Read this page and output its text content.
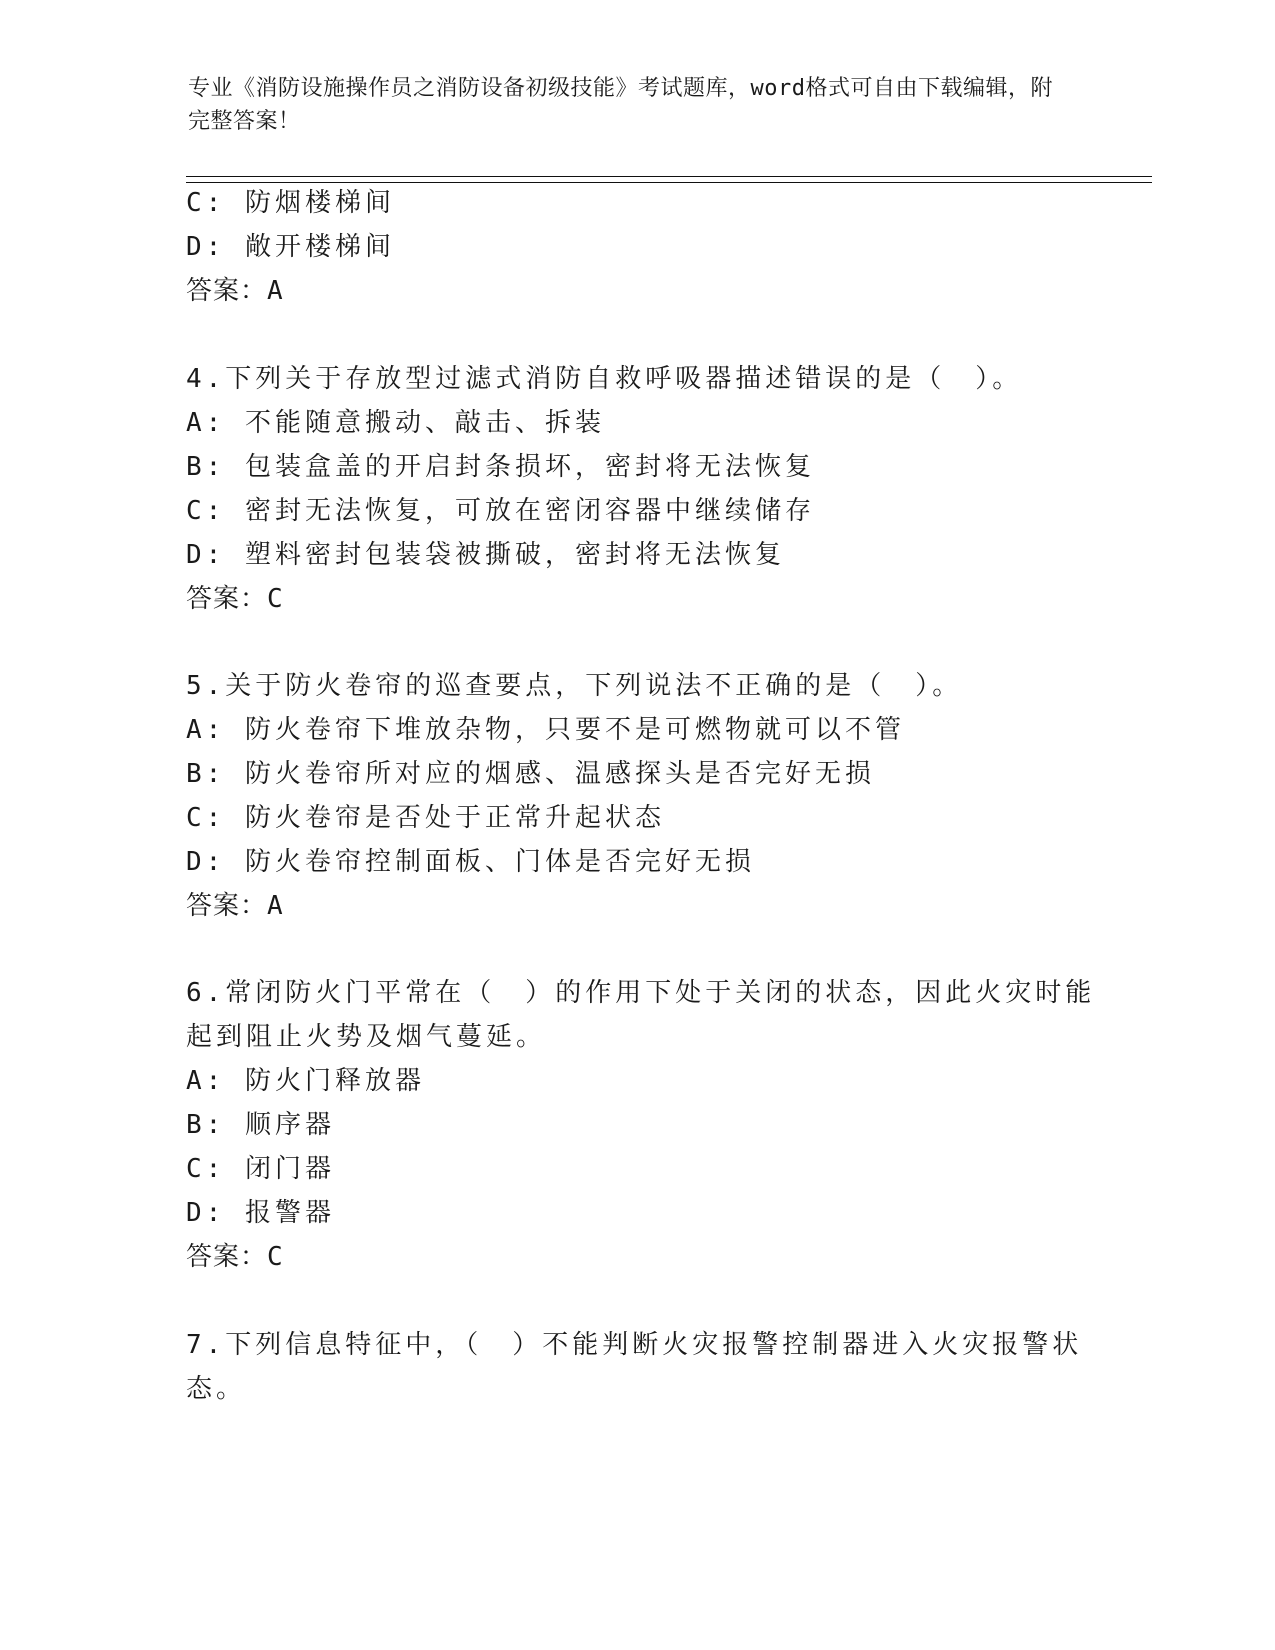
专业《消防设施操作员之消防设备初级技能》考试题库，word格式可自由下载编辑，附完整答案！
C: 防烟楼梯间
D: 敞开楼梯间
答案：A
4.下列关于存放型过滤式消防自救呼吸器描述错误的是（　）。
A: 不能随意搬动、敲击、拆装
B: 包装盒盖的开启封条损坏，密封将无法恢复
C: 密封无法恢复，可放在密闭容器中继续储存
D: 塑料密封包装袋被撕破，密封将无法恢复
答案：C
5.关于防火卷帘的巡查要点，下列说法不正确的是（　）。
A: 防火卷帘下堆放杂物，只要不是可燃物就可以不管
B: 防火卷帘所对应的烟感、温感探头是否完好无损
C: 防火卷帘是否处于正常升起状态
D: 防火卷帘控制面板、门体是否完好无损
答案：A
6.常闭防火门平常在（　）的作用下处于关闭的状态，因此火灾时能
起到阻止火势及烟气蔓延。
A: 防火门释放器
B: 顺序器
C: 闭门器
D: 报警器
答案：C
7.下列信息特征中，（　）不能判断火灾报警控制器进入火灾报警状
态。
